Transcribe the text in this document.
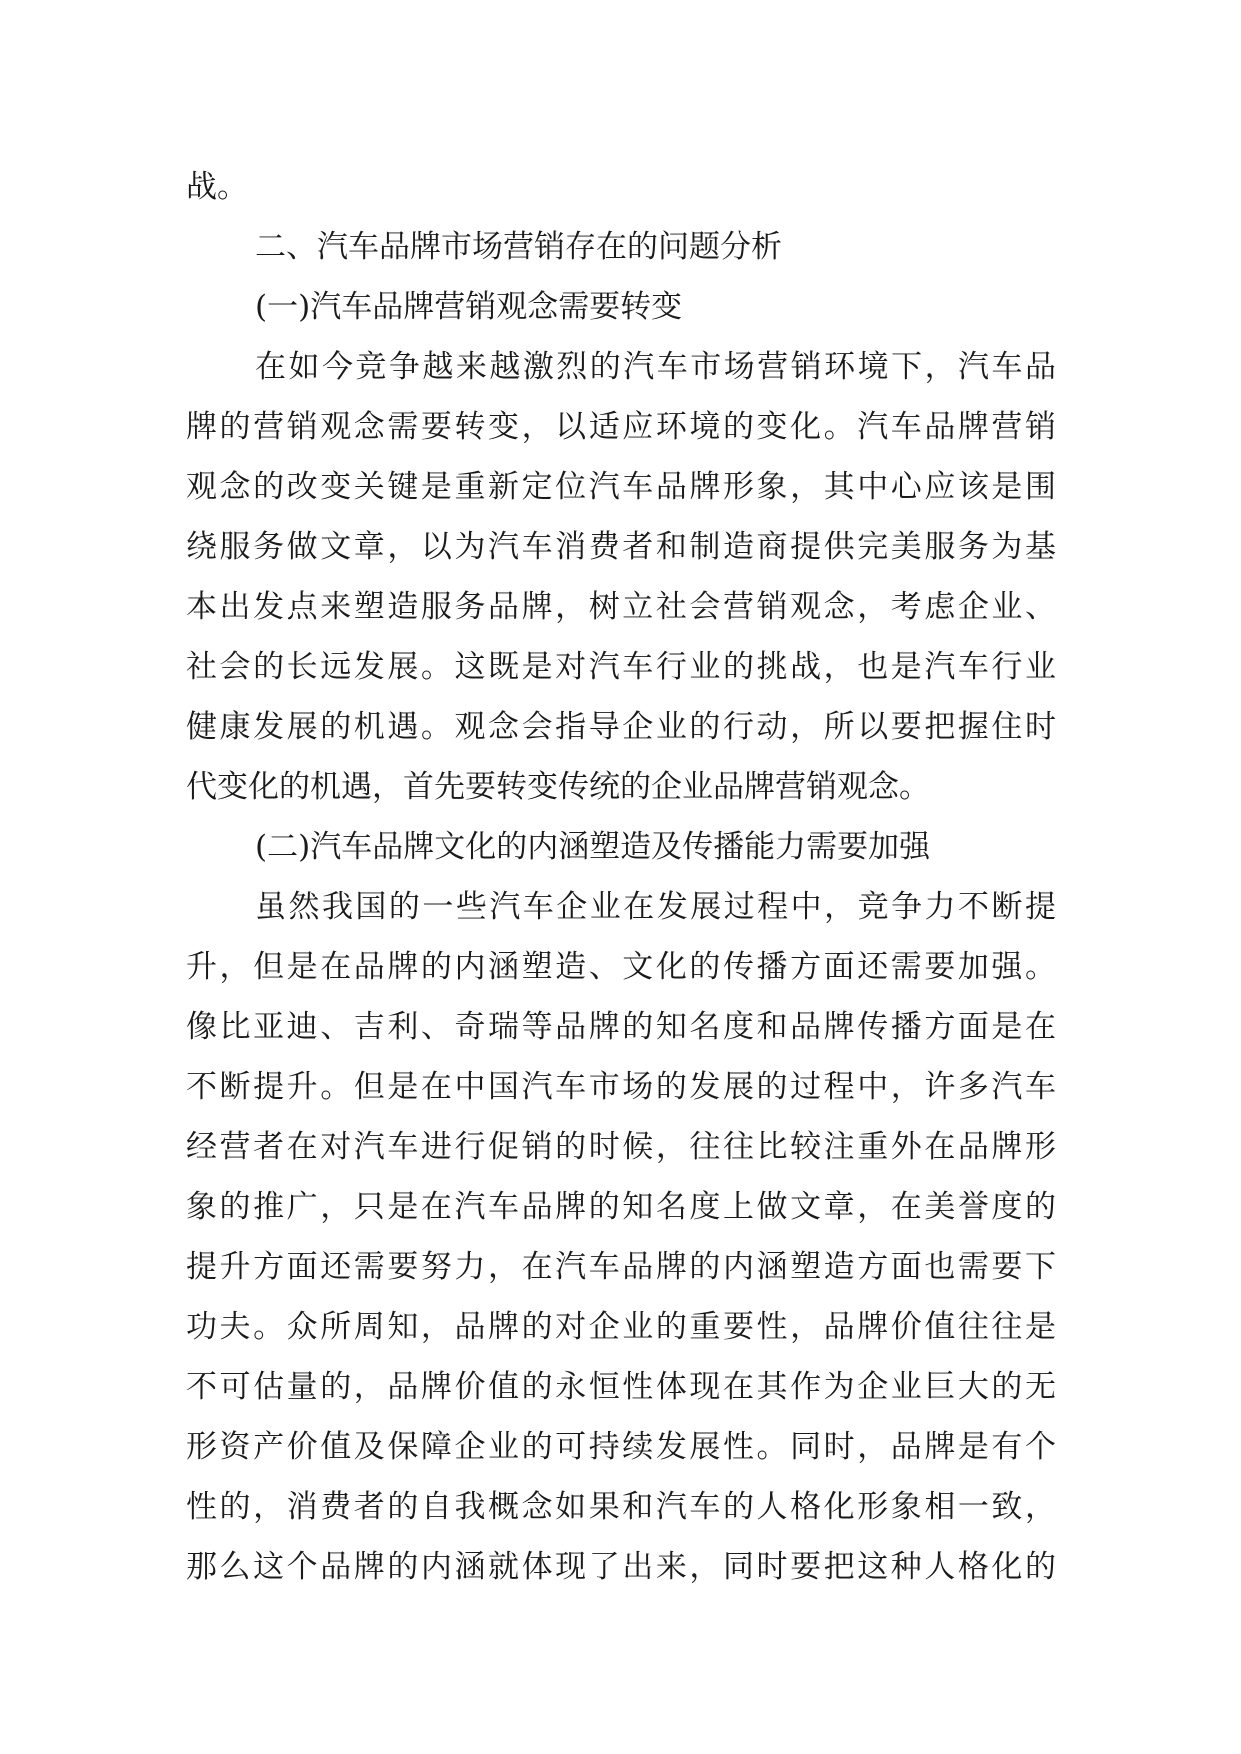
战。
二、汽车品牌市场营销存在的问题分析
(一)汽车品牌营销观念需要转变
在如今竞争越来越激烈的汽车市场营销环境下，汽车品
牌的营销观念需要转变，以适应环境的变化。汽车品牌营销
观念的改变关键是重新定位汽车品牌形象，其中心应该是围
绕服务做文章，以为汽车消费者和制造商提供完美服务为基
本出发点来塑造服务品牌，树立社会营销观念，考虑企业、
社会的长远发展。这既是对汽车行业的挑战，也是汽车行业
健康发展的机遇。观念会指导企业的行动，所以要把握住时
代变化的机遇，首先要转变传统的企业品牌营销观念。
(二)汽车品牌文化的内涵塑造及传播能力需要加强
虽然我国的一些汽车企业在发展过程中，竞争力不断提
升，但是在品牌的内涵塑造、文化的传播方面还需要加强。
像比亚迪、吉利、奇瑞等品牌的知名度和品牌传播方面是在
不断提升。但是在中国汽车市场的发展的过程中，许多汽车
经营者在对汽车进行促销的时候，往往比较注重外在品牌形
象的推广，只是在汽车品牌的知名度上做文章，在美誉度的
提升方面还需要努力，在汽车品牌的内涵塑造方面也需要下
功夫。众所周知，品牌的对企业的重要性，品牌价值往往是
不可估量的，品牌价值的永恒性体现在其作为企业巨大的无
形资产价值及保障企业的可持续发展性。同时，品牌是有个
性的，消费者的自我概念如果和汽车的人格化形象相一致，
那么这个品牌的内涵就体现了出来，同时要把这种人格化的
